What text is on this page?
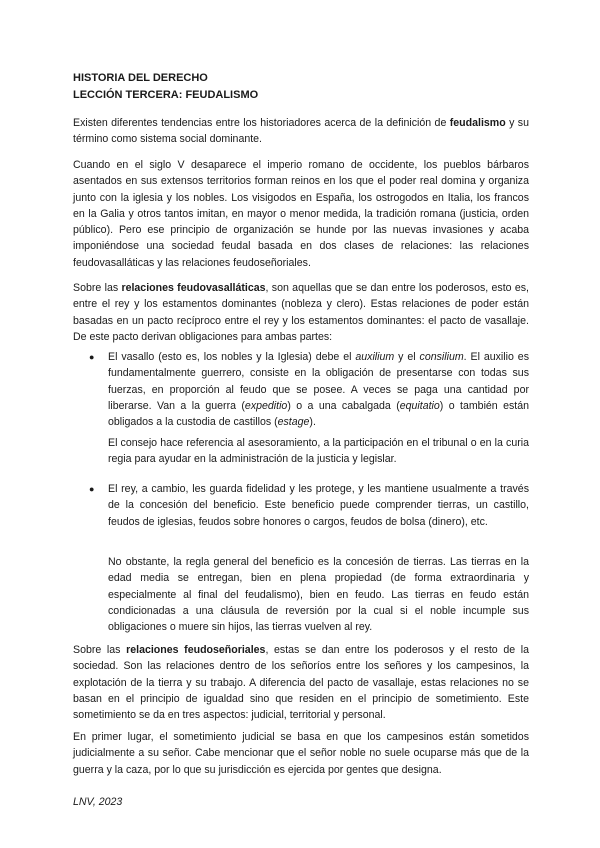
HISTORIA DEL DERECHO
LECCIÓN TERCERA: FEUDALISMO

Existen diferentes tendencias entre los historiadores acerca de la definición de feudalismo y su término como sistema social dominante.

Cuando en el siglo V desaparece el imperio romano de occidente, los pueblos bárbaros asentados en sus extensos territorios forman reinos en los que el poder real domina y organiza junto con la iglesia y los nobles. Los visigodos en España, los ostrogodos en Italia, los francos en la Galia y otros tantos imitan, en mayor o menor medida, la tradición romana (justicia, orden público). Pero ese principio de organización se hunde por las nuevas invasiones y acaba imponiéndose una sociedad feudal basada en dos clases de relaciones: las relaciones feudovasalláticas y las relaciones feudoseñoriales.

Sobre las relaciones feudovasalláticas, son aquellas que se dan entre los poderosos, esto es, entre el rey y los estamentos dominantes (nobleza y clero). Estas relaciones de poder están basadas en un pacto recíproco entre el rey y los estamentos dominantes: el pacto de vasallaje. De este pacto derivan obligaciones para ambas partes:

● El vasallo (esto es, los nobles y la Iglesia) debe el auxilium y el consilium. El auxilio es fundamentalmente guerrero, consiste en la obligación de presentarse con todas sus fuerzas, en proporción al feudo que se posee. A veces se paga una cantidad por liberarse. Van a la guerra (expeditio) o a una cabalgada (equitatio) o también están obligados a la custodia de castillos (estage).

El consejo hace referencia al asesoramiento, a la participación en el tribunal o en la curia regia para ayudar en la administración de la justicia y legislar.

● El rey, a cambio, les guarda fidelidad y les protege, y les mantiene usualmente a través de la concesión del beneficio. Este beneficio puede comprender tierras, un castillo, feudos de iglesias, feudos sobre honores o cargos, feudos de bolsa (dinero), etc.

No obstante, la regla general del beneficio es la concesión de tierras. Las tierras en la edad media se entregan, bien en plena propiedad (de forma extraordinaria y especialmente al final del feudalismo), bien en feudo. Las tierras en feudo están condicionadas a una cláusula de reversión por la cual si el noble incumple sus obligaciones o muere sin hijos, las tierras vuelven al rey.

Sobre las relaciones feudoseñoriales, estas se dan entre los poderosos y el resto de la sociedad. Son las relaciones dentro de los señoríos entre los señores y los campesinos, la explotación de la tierra y su trabajo. A diferencia del pacto de vasallaje, estas relaciones no se basan en el principio de igualdad sino que residen en el principio de sometimiento. Este sometimiento se da en tres aspectos: judicial, territorial y personal.

En primer lugar, el sometimiento judicial se basa en que los campesinos están sometidos judicialmente a su señor. Cabe mencionar que el señor noble no suele ocuparse más que de la guerra y la caza, por lo que su jurisdicción es ejercida por gentes que designa.

LNV, 2023
